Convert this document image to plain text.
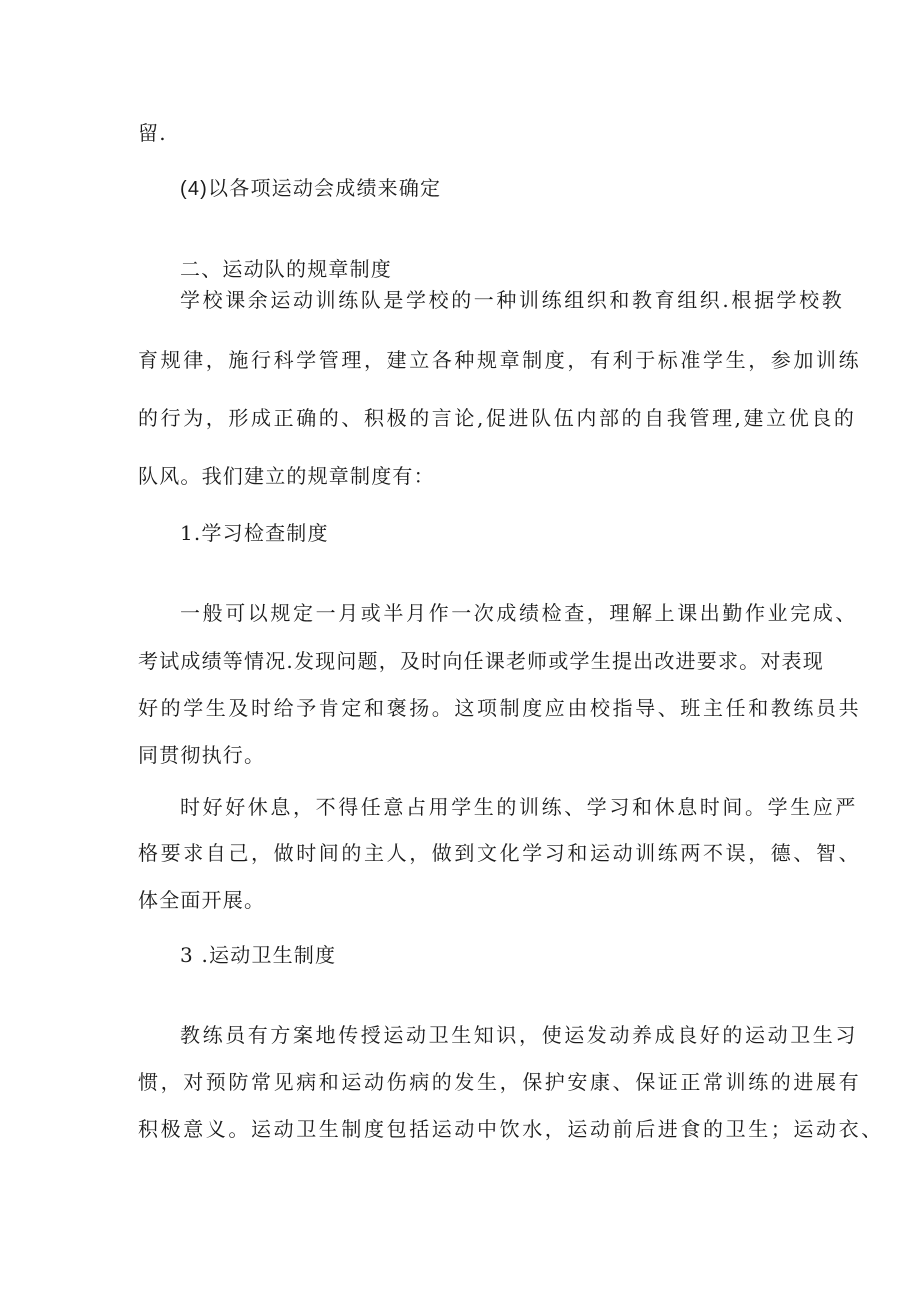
留.
(4)以各项运动会成绩来确定
二、运动队的规章制度
学校课余运动训练队是学校的一种训练组织和教育组织.根据学校教
育规律，施行科学管理，建立各种规章制度，有利于标准学生，参加训练
的行为，形成正确的、积极的言论,促进队伍内部的自我管理,建立优良的
队风。我们建立的规章制度有：
1.学习检查制度
一般可以规定一月或半月作一次成绩检查，理解上课出勤作业完成、
考试成绩等情况.发现问题，及时向任课老师或学生提出改进要求。对表现
好的学生及时给予肯定和褒扬。这项制度应由校指导、班主任和教练员共
同贯彻执行。
时好好休息，不得任意占用学生的训练、学习和休息时间。学生应严
格要求自己，做时间的主人，做到文化学习和运动训练两不误，德、智、
体全面开展。
3 .运动卫生制度
教练员有方案地传授运动卫生知识，使运发动养成良好的运动卫生习
惯，对预防常见病和运动伤病的发生，保护安康、保证正常训练的进展有
积极意义。运动卫生制度包括运动中饮水，运动前后进食的卫生；运动衣、
